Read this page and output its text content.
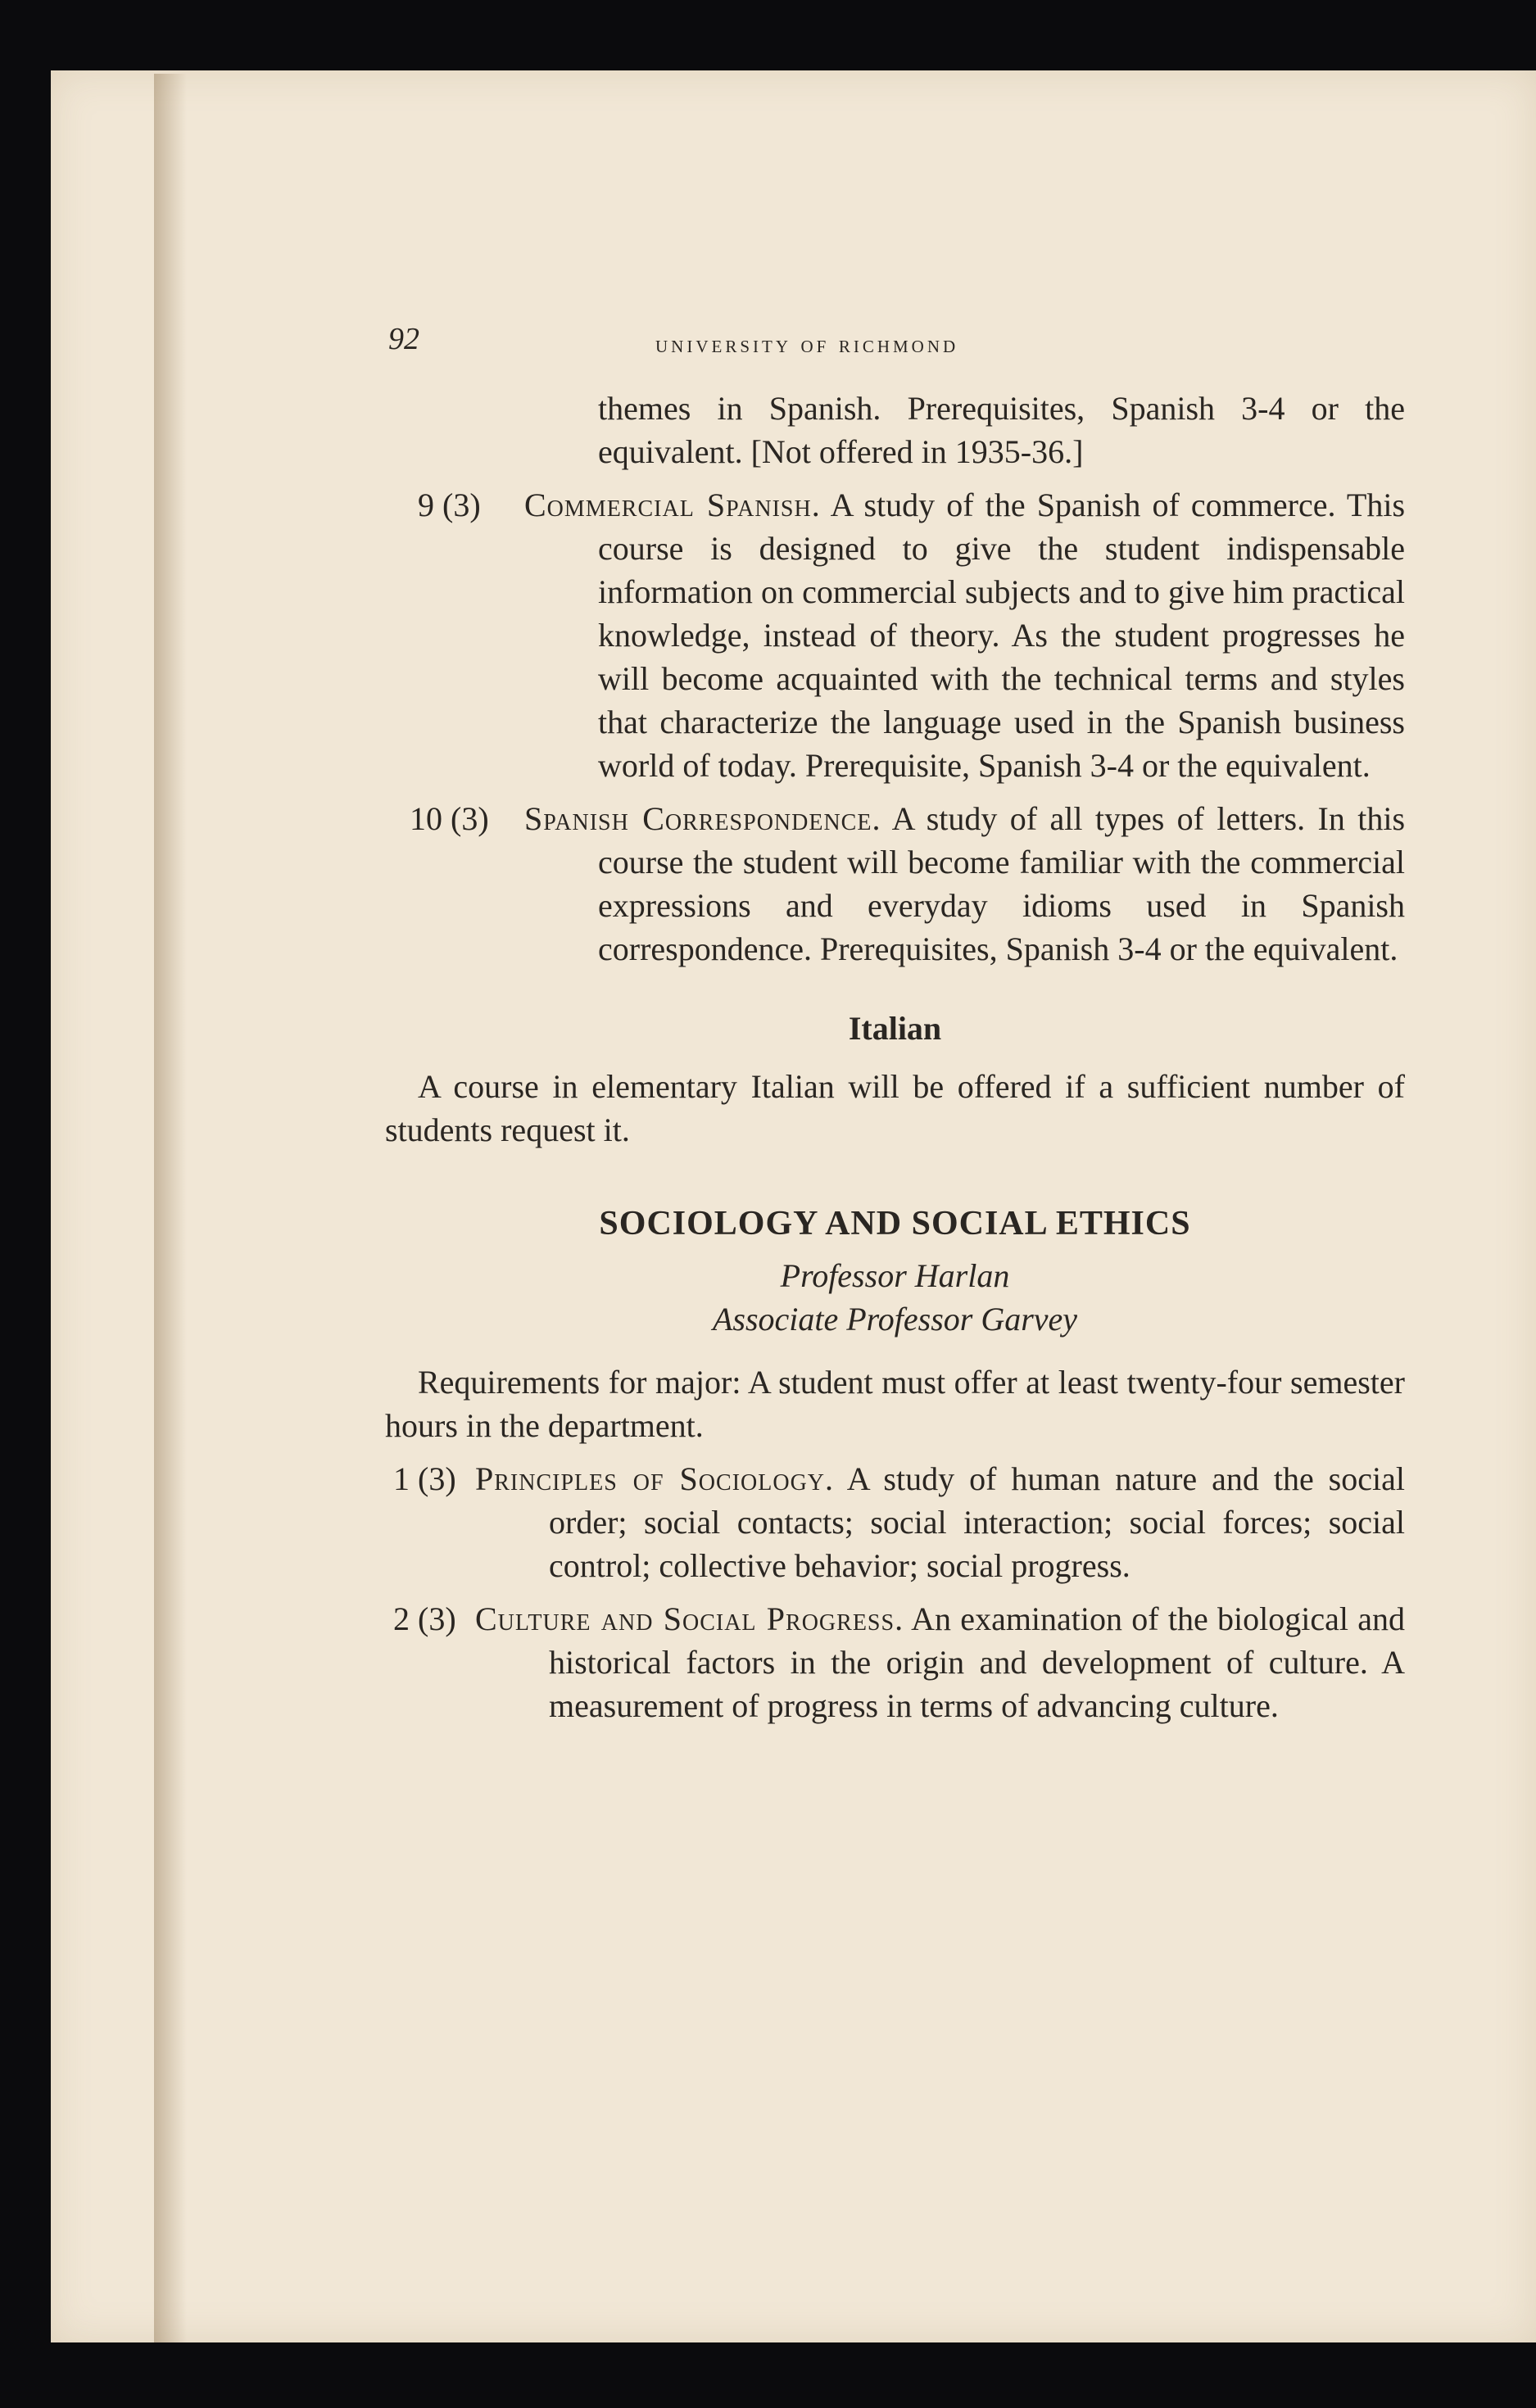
92	university of richmond

themes in Spanish. Prerequisites, Spanish 3-4 or the equivalent. [Not offered in 1935-36.]

9 (3) Commercial Spanish. A study of the Spanish of commerce. This course is designed to give the student indispensable information on commercial subjects and to give him practical knowledge, instead of theory. As the student progresses he will become acquainted with the technical terms and styles that characterize the language used in the Spanish business world of today. Prerequisite, Spanish 3-4 or the equivalent.
10 (3) Spanish Correspondence. A study of all types of letters. In this course the student will become familiar with the commercial expressions and everyday idioms used in Spanish correspondence. Prerequisites, Spanish 3-4 or the equivalent.
Italian

A course in elementary Italian will be offered if a sufficient number of students request it.

SOCIOLOGY AND SOCIAL ETHICS
Professor Harlan
Associate Professor Garvey

Requirements for major: A student must offer at least twenty-four semester hours in the department.

1 (3) Principles of Sociology. A study of human nature and the social order; social contacts; social interaction; social forces; social control; collective behavior; social progress.
2 (3) Culture and Social Progress. An examination of the biological and historical factors in the origin and development of culture. A measurement of progress in terms of advancing culture.
